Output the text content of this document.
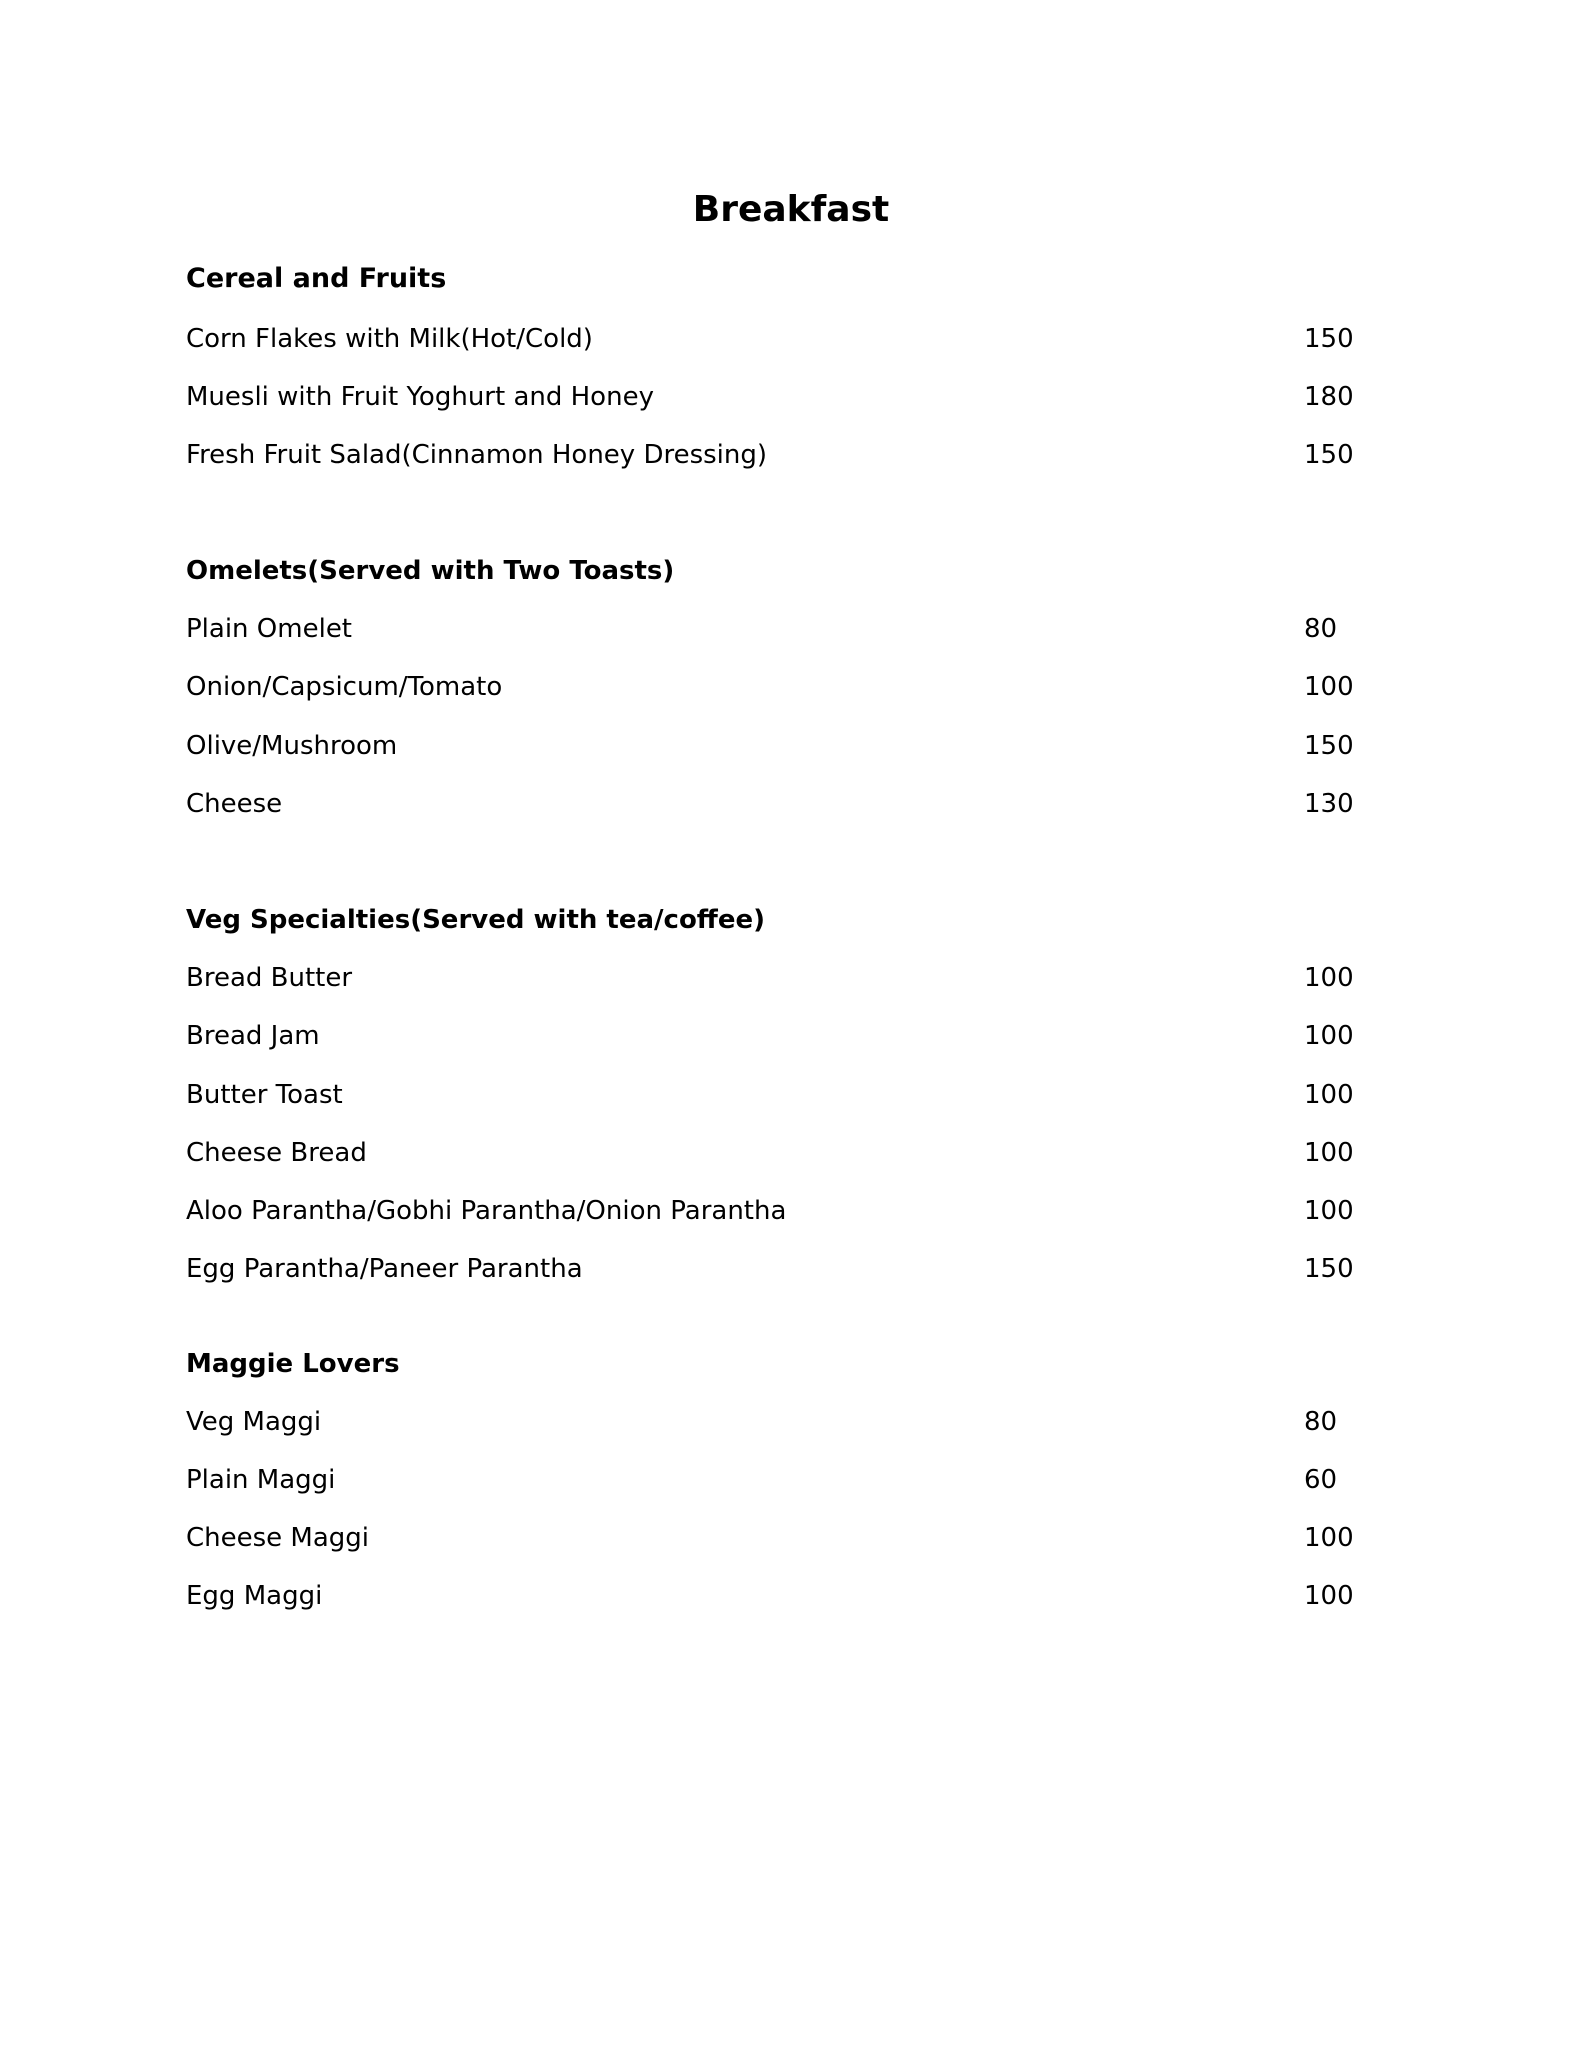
Breakfast
Cereal and Fruits
Corn Flakes with Milk(Hot/Cold)	150
Muesli with Fruit Yoghurt and Honey	180
Fresh Fruit Salad(Cinnamon Honey Dressing)	150
Omelets(Served with Two Toasts)
Plain Omelet	80
Onion/Capsicum/Tomato	100
Olive/Mushroom	150
Cheese	130
Veg Specialties(Served with tea/coffee)
Bread Butter	100
Bread Jam	100
Butter Toast	100
Cheese Bread	100
Aloo Parantha/Gobhi Parantha/Onion Parantha	100
Egg Parantha/Paneer Parantha	150
Maggie Lovers
Veg Maggi	80
Plain Maggi	60
Cheese Maggi	100
Egg Maggi	100
